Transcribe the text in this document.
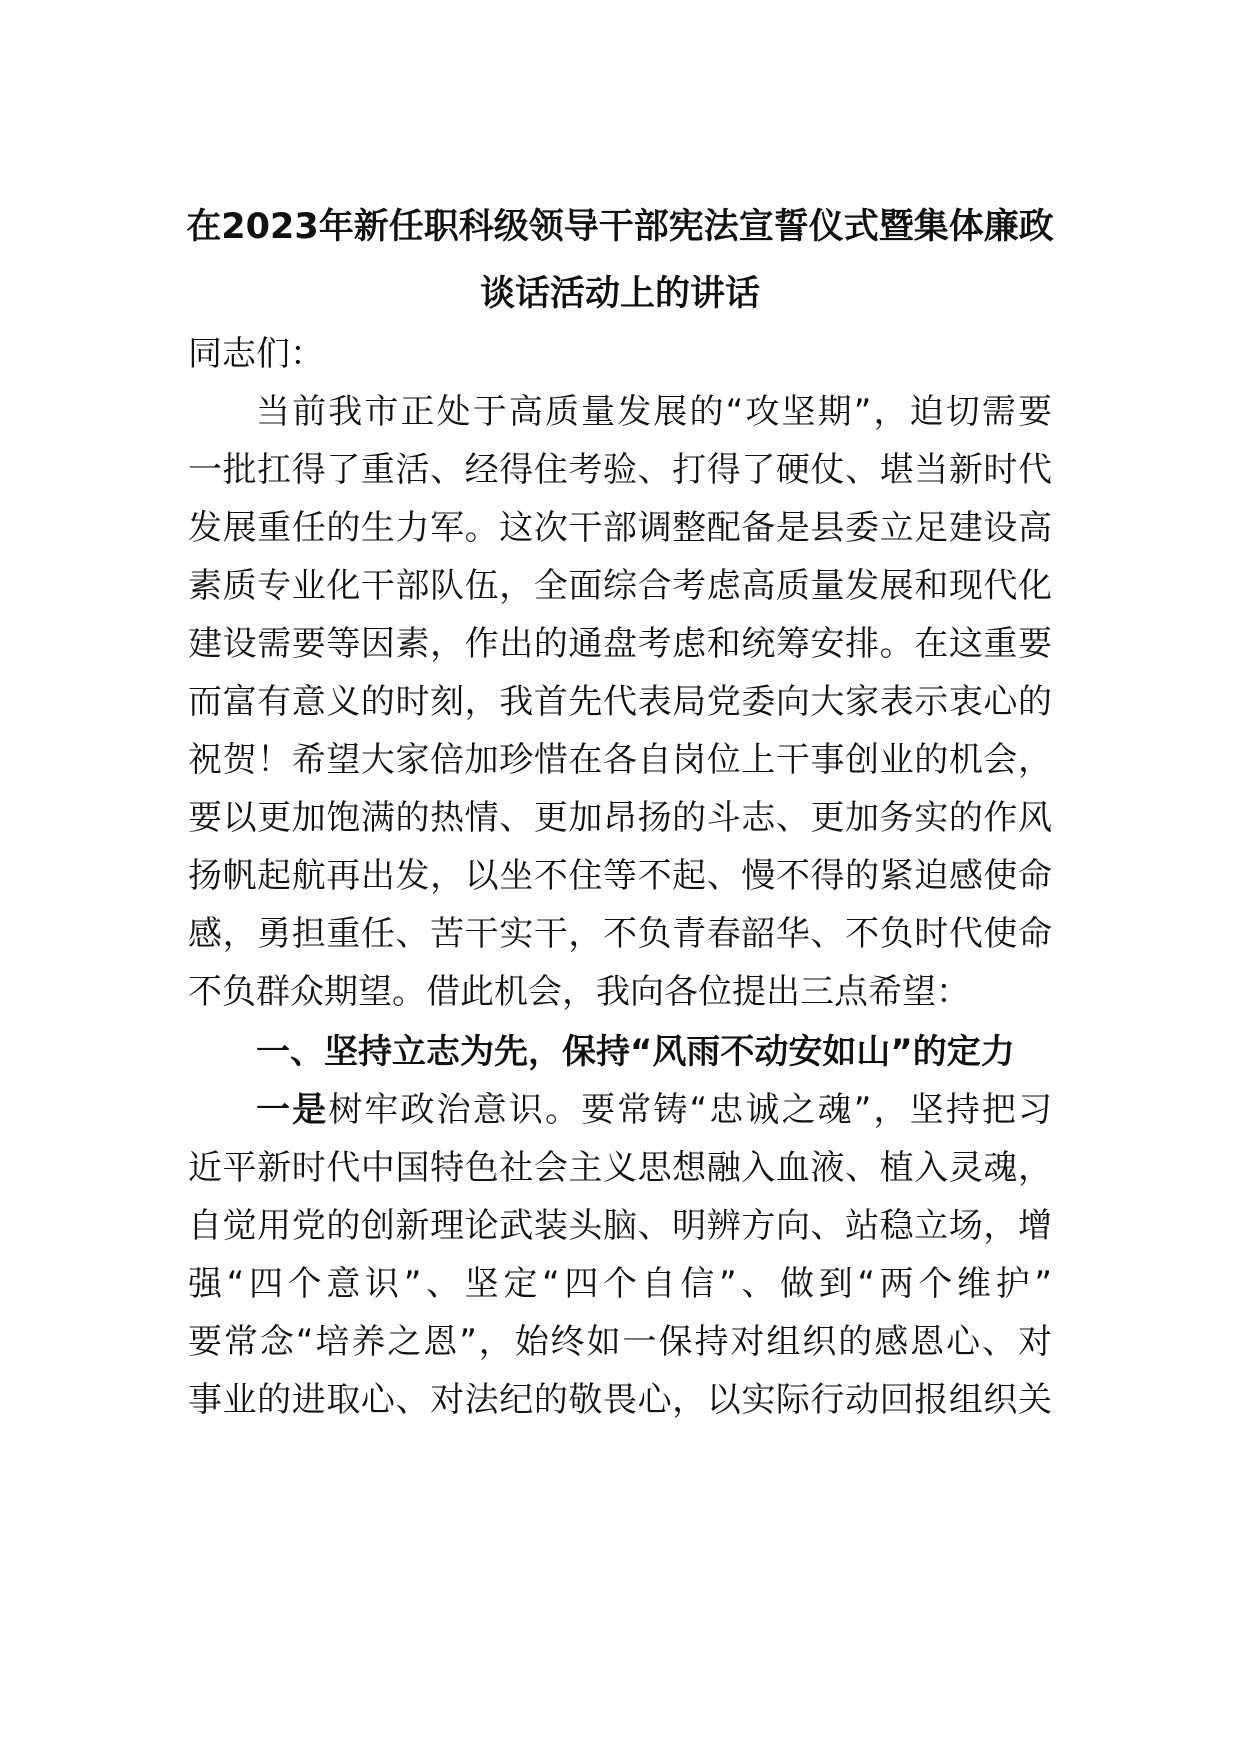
在2023年新任职科级领导干部宪法宣誓仪式暨集体廉政
谈话活动上的讲话
同志们：
当前我市正处于高质量发展的“攻坚期”，迫切需要
一批扛得了重活、经得住考验、打得了硬仗、堪当新时代
发展重任的生力军。这次干部调整配备是县委立足建设高
素质专业化干部队伍，全面综合考虑高质量发展和现代化
建设需要等因素，作出的通盘考虑和统筹安排。在这重要
而富有意义的时刻，我首先代表局党委向大家表示衷心的
祝贺！希望大家倍加珍惜在各自岗位上干事创业的机会，
要以更加饱满的热情、更加昂扬的斗志、更加务实的作风
扬帆起航再出发，以坐不住等不起、慢不得的紧迫感使命
感，勇担重任、苦干实干，不负青春韶华、不负时代使命
不负群众期望。借此机会，我向各位提出三点希望：
一、坚持立志为先，保持“风雨不动安如山”的定力
一是树牢政治意识。要常铸“忠诚之魂”，坚持把习
近平新时代中国特色社会主义思想融入血液、植入灵魂，
自觉用党的创新理论武装头脑、明辨方向、站稳立场，增
强“四个意识”、坚定“四个自信”、做到“两个维护”
要常念“培养之恩”，始终如一保持对组织的感恩心、对
事业的进取心、对法纪的敬畏心，以实际行动回报组织关
